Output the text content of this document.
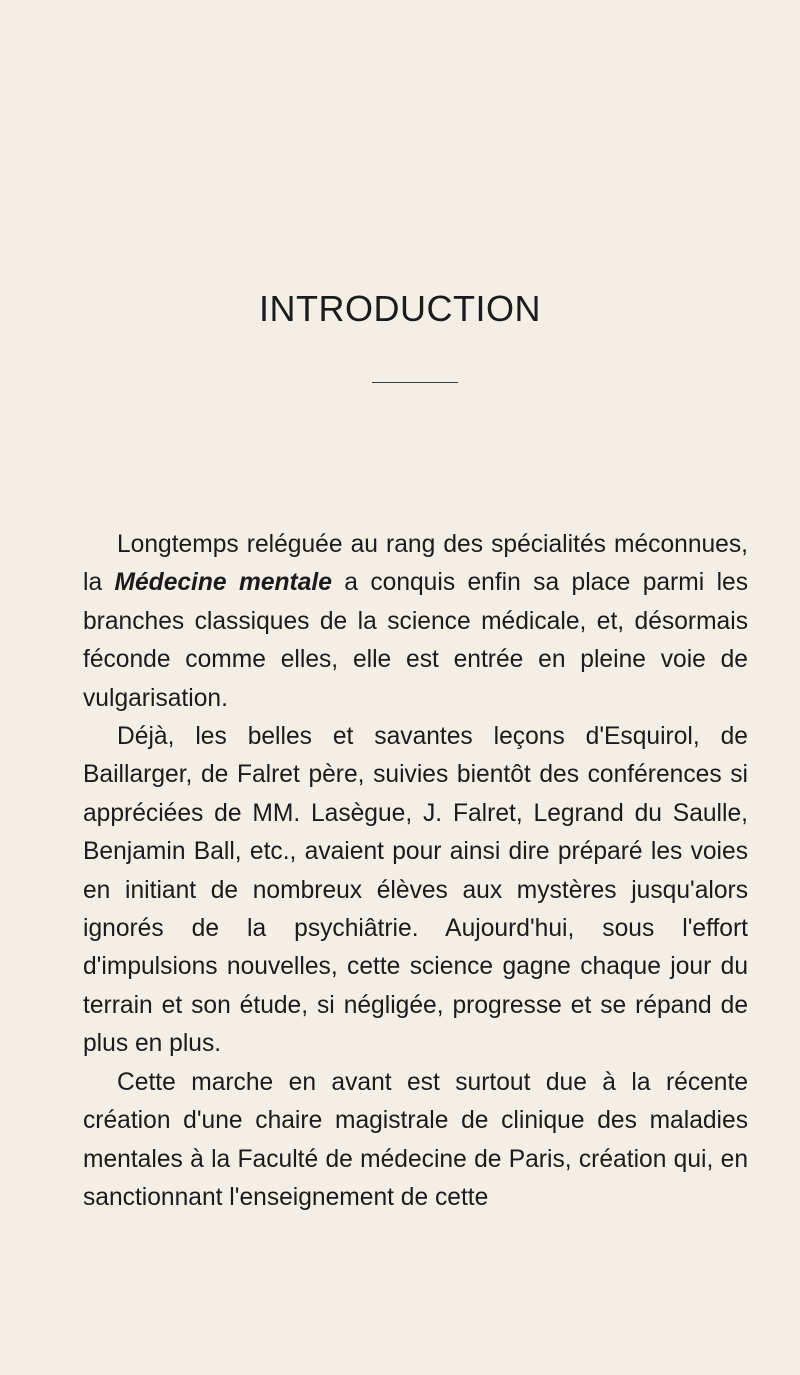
INTRODUCTION

Longtemps reléguée au rang des spécialités méconnues, la Médecine mentale a conquis enfin sa place parmi les branches classiques de la science médicale, et, désormais féconde comme elles, elle est entrée en pleine voie de vulgarisation.

Déjà, les belles et savantes leçons d'Esquirol, de Baillarger, de Falret père, suivies bientôt des conférences si appréciées de MM. Lasègue, J. Falret, Legrand du Saulle, Benjamin Ball, etc., avaient pour ainsi dire préparé les voies en initiant de nombreux élèves aux mystères jusqu'alors ignorés de la psychiâtrie. Aujourd'hui, sous l'effort d'impulsions nouvelles, cette science gagne chaque jour du terrain et son étude, si négligée, progresse et se répand de plus en plus.

Cette marche en avant est surtout due à la récente création d'une chaire magistrale de clinique des maladies mentales à la Faculté de médecine de Paris, création qui, en sanctionnant l'enseignement de cette
